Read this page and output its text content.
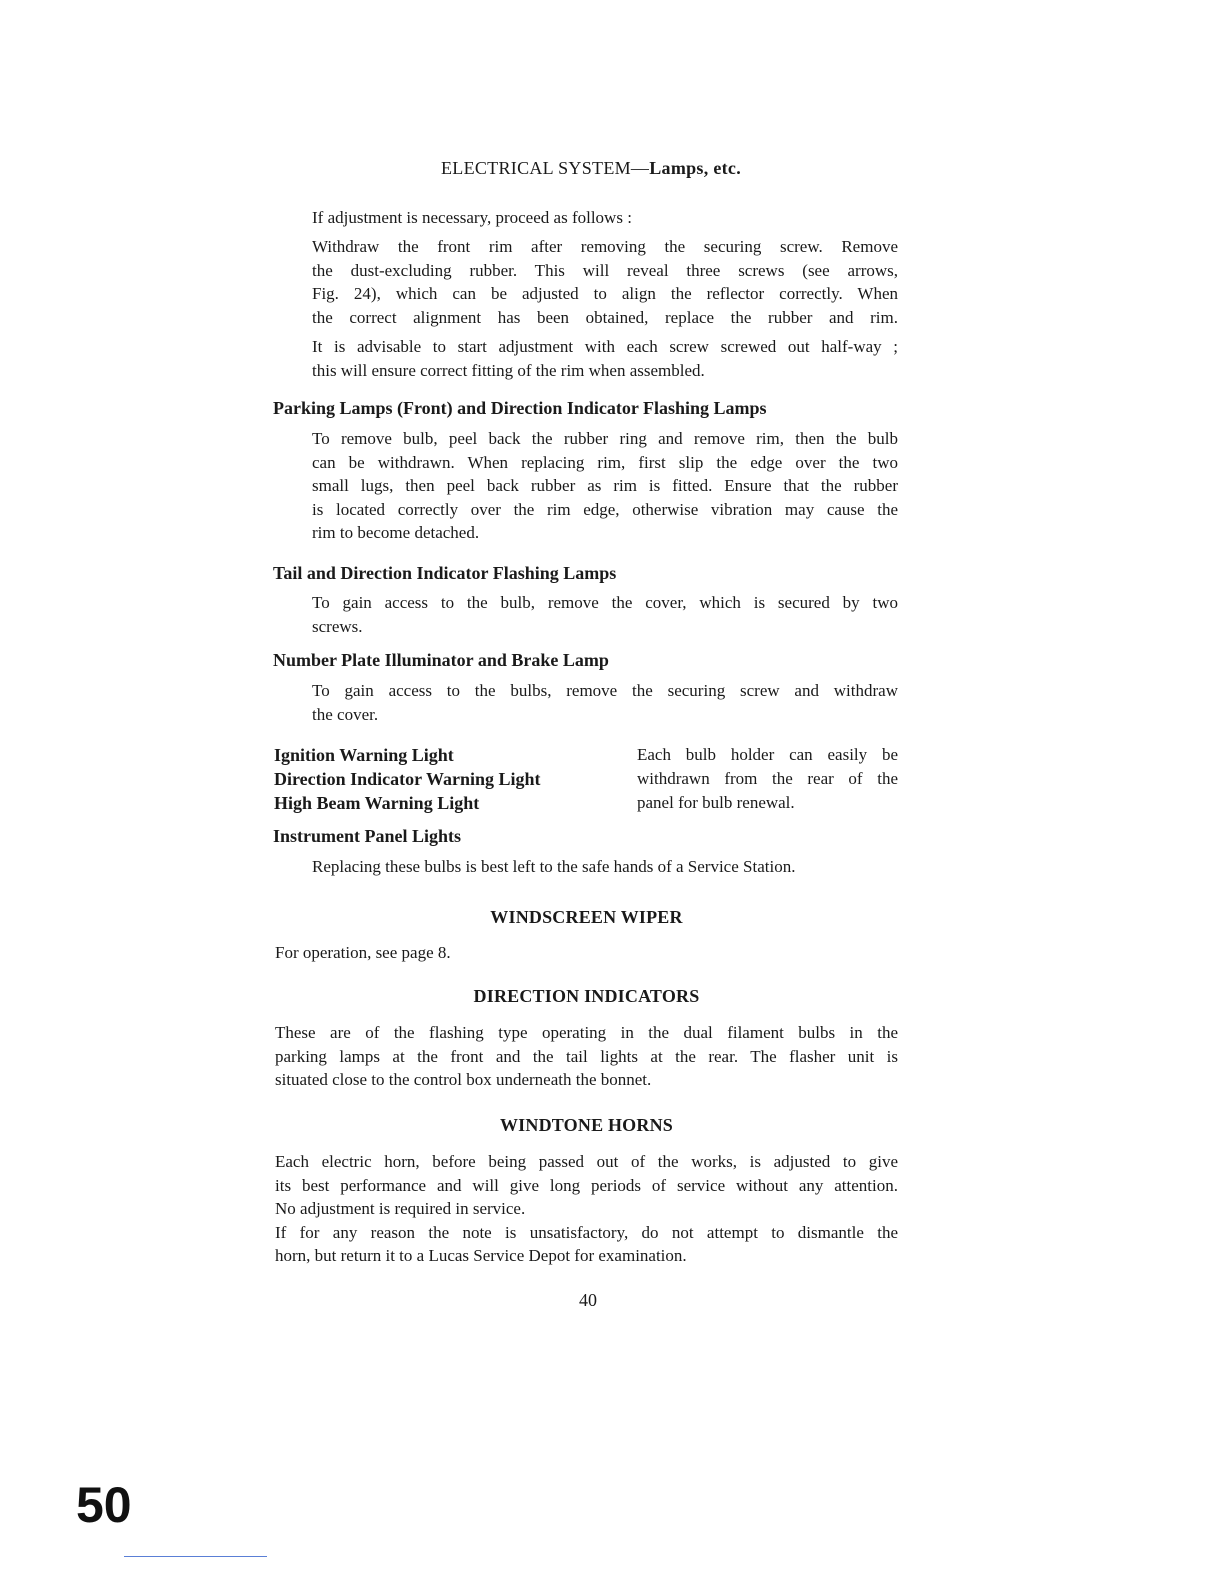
ELECTRICAL SYSTEM—Lamps, etc.
If adjustment is necessary, proceed as follows :
Withdraw the front rim after removing the securing screw. Remove
the dust-excluding rubber. This will reveal three screws (see arrows,
Fig. 24), which can be adjusted to align the reflector correctly. When
the correct alignment has been obtained, replace the rubber and rim.
It is advisable to start adjustment with each screw screwed out half-way ;
this will ensure correct fitting of the rim when assembled.
Parking Lamps (Front) and Direction Indicator Flashing Lamps
To remove bulb, peel back the rubber ring and remove rim, then the bulb
can be withdrawn. When replacing rim, first slip the edge over the two
small lugs, then peel back rubber as rim is fitted. Ensure that the rubber
is located correctly over the rim edge, otherwise vibration may cause the
rim to become detached.
Tail and Direction Indicator Flashing Lamps
To gain access to the bulb, remove the cover, which is secured by two
screws.
Number Plate Illuminator and Brake Lamp
To gain access to the bulbs, remove the securing screw and withdraw
the cover.
Ignition Warning Light
Direction Indicator Warning Light
High Beam Warning Light
Each bulb holder can easily be
withdrawn from the rear of the
panel for bulb renewal.
Instrument Panel Lights
Replacing these bulbs is best left to the safe hands of a Service Station.
WINDSCREEN WIPER
For operation, see page 8.
DIRECTION INDICATORS
These are of the flashing type operating in the dual filament bulbs in the
parking lamps at the front and the tail lights at the rear. The flasher unit is
situated close to the control box underneath the bonnet.
WINDTONE HORNS
Each electric horn, before being passed out of the works, is adjusted to give
its best performance and will give long periods of service without any attention.
No adjustment is required in service.
If for any reason the note is unsatisfactory, do not attempt to dismantle the
horn, but return it to a Lucas Service Depot for examination.
40
50
